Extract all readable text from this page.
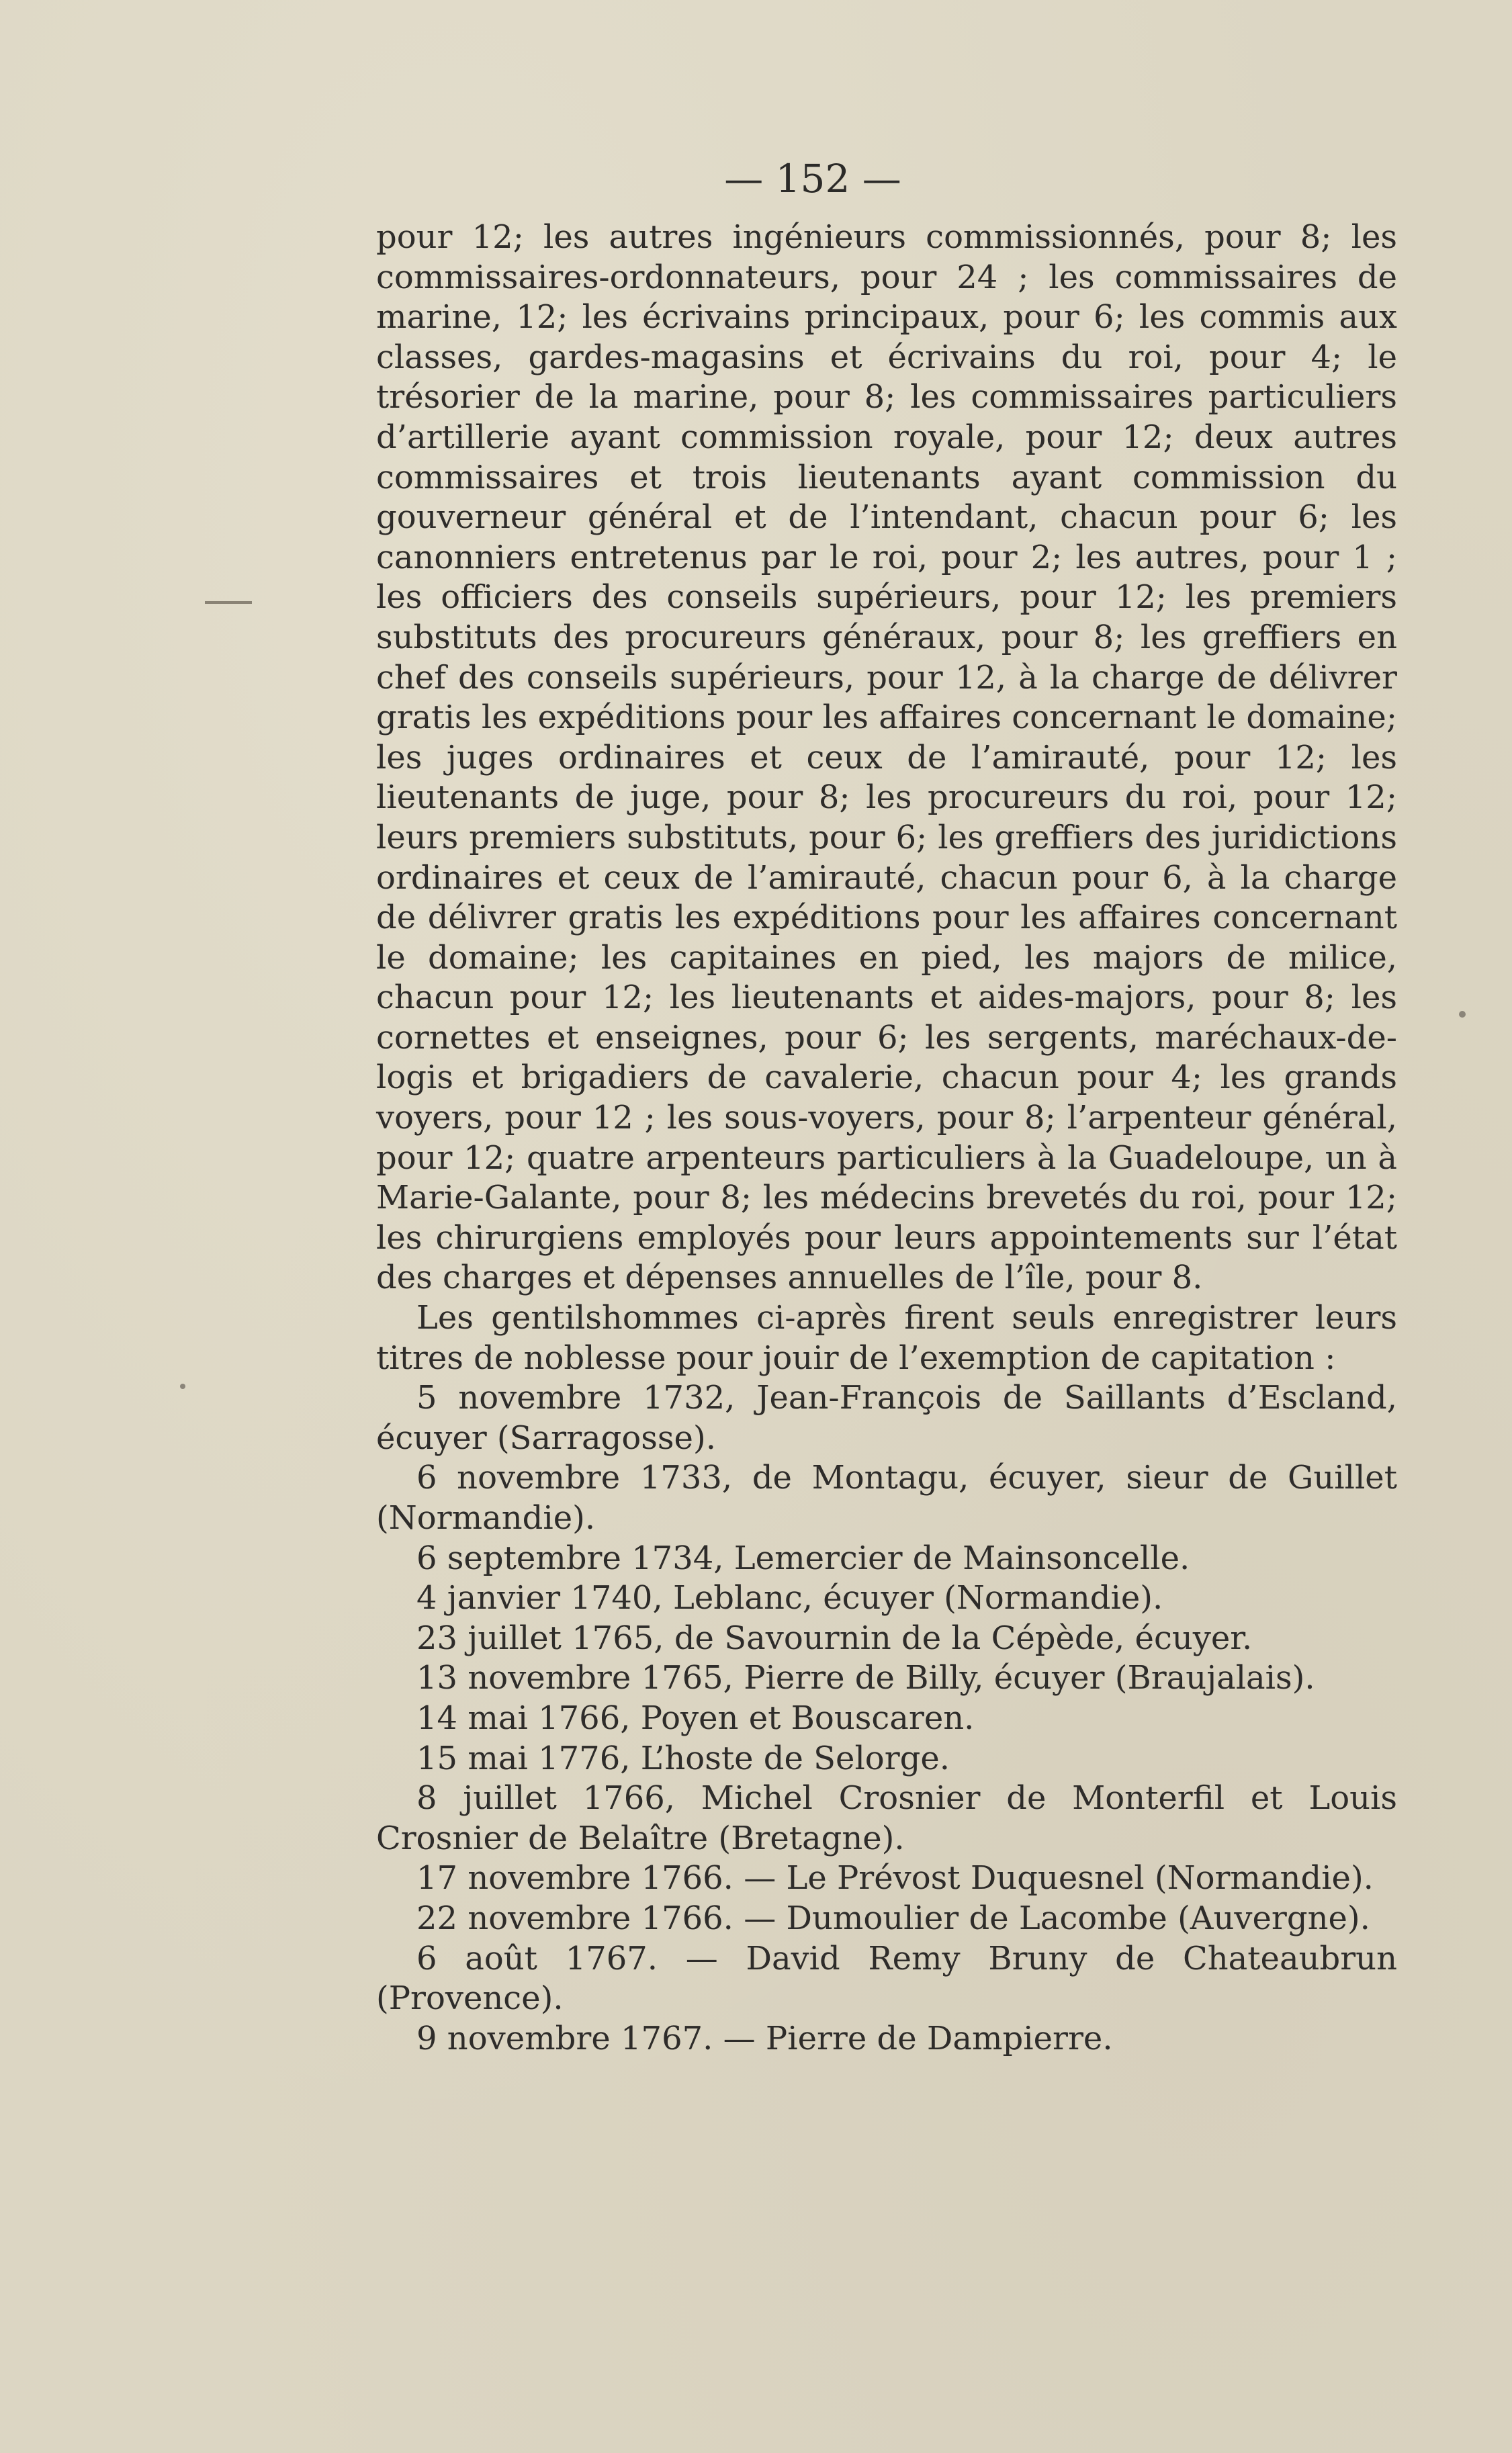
— 152 —

pour 12; les autres ingénieurs commissionnés, pour 8; les commissaires-ordonnateurs, pour 24 ; les commissaires de marine, 12; les écrivains principaux, pour 6; les commis aux classes, gardes-magasins et écrivains du roi, pour 4; le trésorier de la marine, pour 8; les commissaires particuliers d’artillerie ayant commission royale, pour 12; deux autres commissaires et trois lieutenants ayant commission du gouverneur général et de l’intendant, chacun pour 6; les canonniers entretenus par le roi, pour 2; les autres, pour 1 ; les officiers des conseils supérieurs, pour 12; les premiers substituts des procureurs généraux, pour 8; les greffiers en chef des conseils supérieurs, pour 12, à la charge de délivrer gratis les expéditions pour les affaires concernant le domaine; les juges ordinaires et ceux de l’amirauté, pour 12; les lieutenants de juge, pour 8; les procureurs du roi, pour 12; leurs premiers substituts, pour 6; les greffiers des juridictions ordinaires et ceux de l’amirauté, chacun pour 6, à la charge de délivrer gratis les expéditions pour les affaires concernant le domaine; les capitaines en pied, les majors de milice, chacun pour 12; les lieutenants et aides-majors, pour 8; les cornettes et enseignes, pour 6; les sergents, maréchaux-de-logis et brigadiers de cavalerie, chacun pour 4; les grands voyers, pour 12 ; les sous-voyers, pour 8; l’arpenteur général, pour 12; quatre arpenteurs particuliers à la Guadeloupe, un à Marie-Galante, pour 8; les médecins brevetés du roi, pour 12; les chirurgiens employés pour leurs appointements sur l’état des charges et dépenses annuelles de l’île, pour 8.

Les gentilshommes ci-après firent seuls enregistrer leurs titres de noblesse pour jouir de l’exemption de capitation :

5 novembre 1732, Jean-François de Saillants d’Escland, écuyer (Sarragosse).

6 novembre 1733, de Montagu, écuyer, sieur de Guillet (Normandie).

6 septembre 1734, Lemercier de Mainsoncelle.

4 janvier 1740, Leblanc, écuyer (Normandie).

23 juillet 1765, de Savournin de la Cépède, écuyer.

13 novembre 1765, Pierre de Billy, écuyer (Braujalais).

14 mai 1766, Poyen et Bouscaren.

15 mai 1776, L’hoste de Selorge.

8 juillet 1766, Michel Crosnier de Monterfil et Louis Crosnier de Belaître (Bretagne).

17 novembre 1766. — Le Prévost Duquesnel (Normandie).

22 novembre 1766. — Dumoulier de Lacombe (Auvergne).

6 août 1767. — David Remy Bruny de Chateaubrun (Provence).

9 novembre 1767. — Pierre de Dampierre.
